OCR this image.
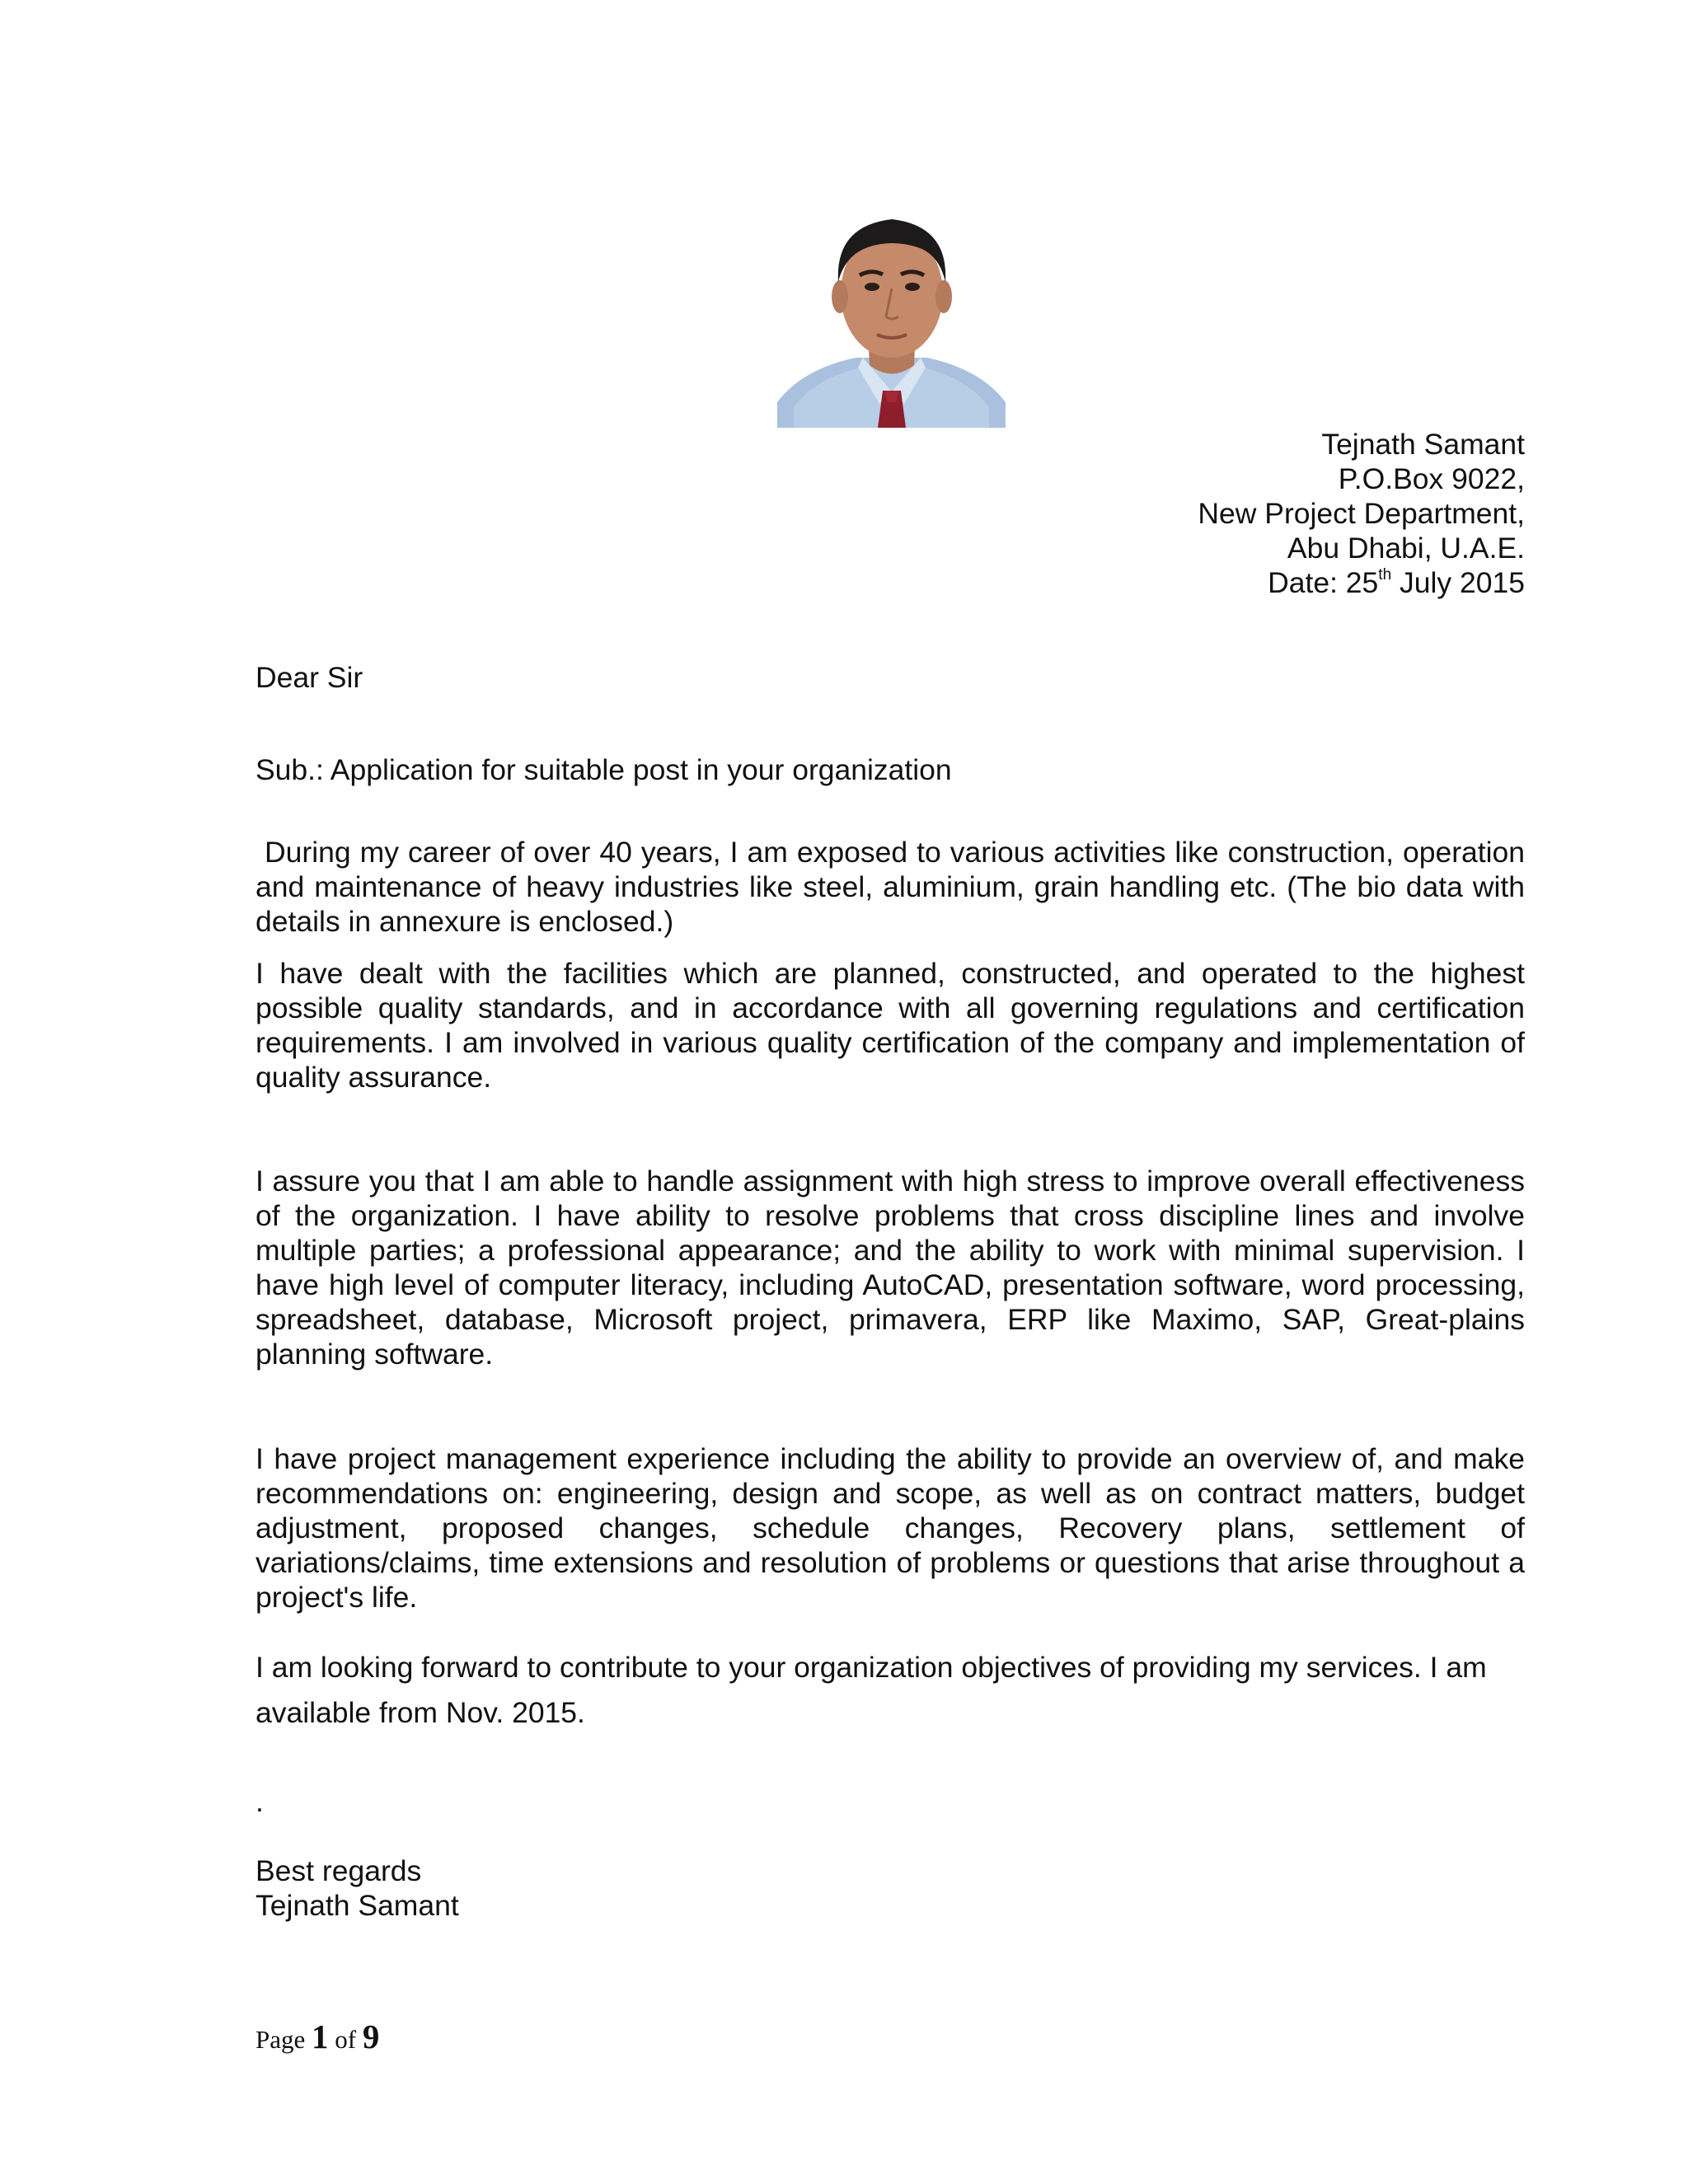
Tejnath Samant
P.O.Box 9022,
New Project Department,
Abu Dhabi, U.A.E.
Date: 25th July 2015
Dear Sir
Sub.: Application for suitable post in your organization
During my career of over 40 years, I am exposed to various activities like construction, operation and maintenance of heavy industries like steel, aluminium, grain handling etc. (The bio data with details in annexure is enclosed.)
I have dealt with the facilities which are planned, constructed, and operated to the highest possible quality standards, and in accordance with all governing regulations and certification requirements. I am involved in various quality certification of the company and implementation of quality assurance.
I assure you that I am able to handle assignment with high stress to improve overall effectiveness of the organization. I have ability to resolve problems that cross discipline lines and involve multiple parties; a professional appearance; and the ability to work with minimal supervision. I have high level of computer literacy, including AutoCAD, presentation software, word processing, spreadsheet, database, Microsoft project, primavera, ERP like Maximo, SAP, Great-plains planning software.
I have project management experience including the ability to provide an overview of, and make recommendations on: engineering, design and scope, as well as on contract matters, budget adjustment, proposed changes, schedule changes, Recovery plans, settlement of variations/claims, time extensions and resolution of problems or questions that arise throughout a project's life.
I am looking forward to contribute to your organization objectives of providing my services. I am available from Nov. 2015.
.
Best regards
Tejnath Samant
Page 1 of 9
